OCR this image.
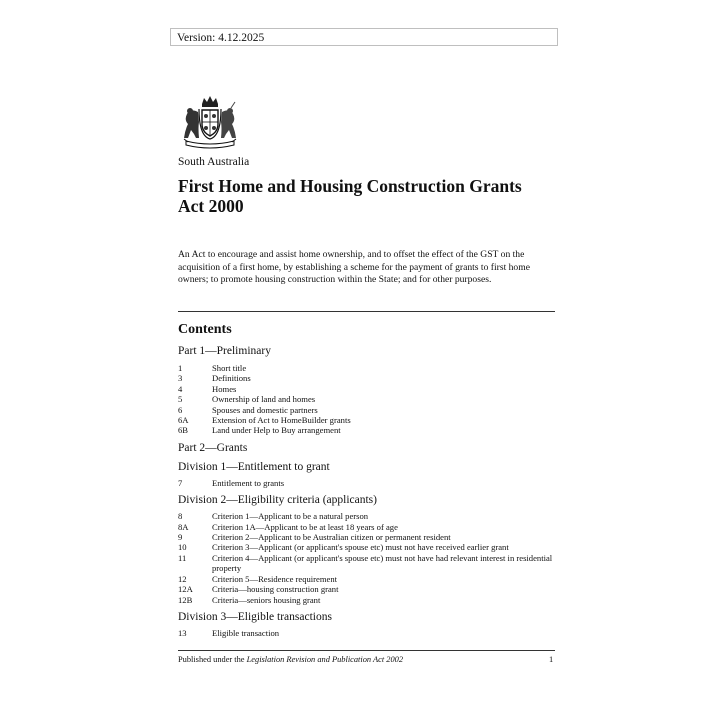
Version: 4.12.2025
South Australia
First Home and Housing Construction Grants
Act 2000
An Act to encourage and assist home ownership, and to offset the effect of the GST on the acquisition of a first home, by establishing a scheme for the payment of grants to first home owners; to promote housing construction within the State; and for other purposes.
Contents
Part 1—Preliminary
1	Short title
3	Definitions
4	Homes
5	Ownership of land and homes
6	Spouses and domestic partners
6A	Extension of Act to HomeBuilder grants
6B	Land under Help to Buy arrangement
Part 2—Grants
Division 1—Entitlement to grant
7	Entitlement to grants
Division 2—Eligibility criteria (applicants)
8	Criterion 1—Applicant to be a natural person
8A	Criterion 1A—Applicant to be at least 18 years of age
9	Criterion 2—Applicant to be Australian citizen or permanent resident
10	Criterion 3—Applicant (or applicant's spouse etc) must not have received earlier grant
11	Criterion 4—Applicant (or applicant's spouse etc) must not have had relevant interest in residential property
12	Criterion 5—Residence requirement
12A	Criteria—housing construction grant
12B	Criteria—seniors housing grant
Division 3—Eligible transactions
13	Eligible transaction
Published under the Legislation Revision and Publication Act 2002	1
